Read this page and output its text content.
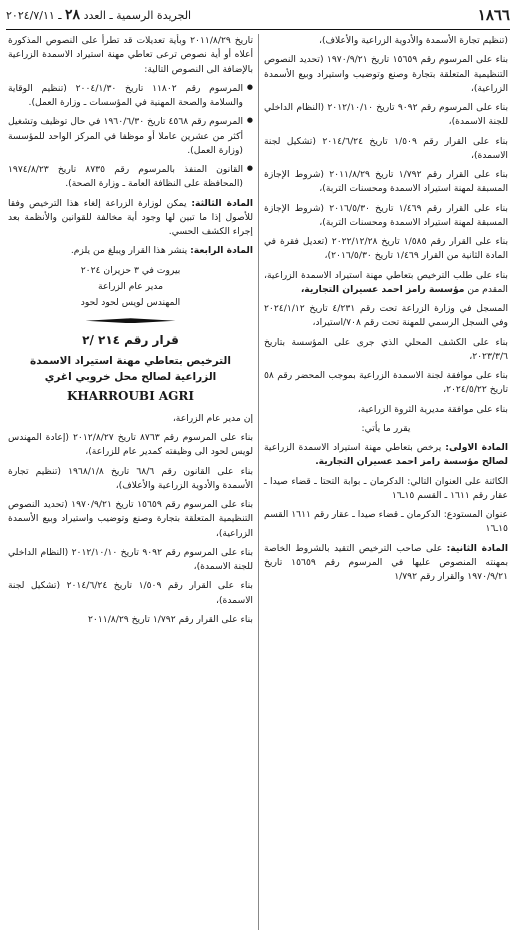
١٨٦٦
الجريدة الرسمية ـ العدد ٢٨ ـ ٢٠٢٤/٧/١١

(تنظيم تجارة الأسمدة والأدوية الزراعية والأعلاف)،

بناء على المرسوم رقم ١٥٦٥٩ تاريخ ١٩٧٠/٩/٢١ (تحديد النصوص التنظيمية المتعلقة بتجارة وصنع وتوضيب واستيراد وبيع الأسمدة الزراعية)،

بناء على المرسوم رقم ٩٠٩٢ تاريخ ٢٠١٢/١٠/١٠ (النظام الداخلي للجنة الاسمدة)،

بناء على القرار رقم ١/٥٠٩ تاريخ ٢٠١٤/٦/٢٤ (تشكيل لجنة الاسمدة)،

بناء على القرار رقم ١/٧٩٢ تاريخ ٢٠١١/٨/٢٩ (شروط الإجازة المسبقة لمهنة استيراد الاسمدة ومحسنات التربة)،

بناء على القرار رقم ١/٤٦٩ تاريخ ٢٠١٦/٥/٣٠ (شروط الإجازة المسبقة لمهنة استيراد الاسمدة ومحسنات التربة)،

بناء على القرار رقم ١/٥٨٥ تاريخ ٢٠٢٢/١٢/٢٨ (تعديل فقرة في المادة الثانية من القرار ١/٤٦٩ تاريخ ٢٠١٦/٥/٣٠)،

بناء على طلب الترخيص بتعاطي مهنة استيراد الاسمدة الزراعية، المقدم من مؤسسة رامز احمد عسيران التجارية،

المسجل في وزارة الزراعة تحت رقم ٤/٢٣١ تاريخ ٢٠٢٤/١/١٢ وفي السجل الرسمي للمهنة تحت رقم ٧٠٨/استيراد،

بناء على الكشف المحلي الذي جرى على المؤسسة بتاريخ ٢٠٢٣/٣/٦،

بناء على موافقة لجنة الاسمدة الزراعية بموجب المحضر رقم ٥٨ تاريخ ٢٠٢٤/٥/٢٢،

بناء على موافقة مديرية الثروة الزراعية،

يقرر ما يأتي:

المادة الاولى: يرخص بتعاطي مهنة استيراد الاسمدة الزراعية لصالح مؤسسة رامز احمد عسيران التجارية.

الكائنة على العنوان التالي: الدكرمان ـ بوابة التحتا ـ قضاء صيدا ـ عقار رقم ١٦١١ ـ القسم ١٥ـ١٦

عنوان المستودع: الدكرمان ـ قضاء صيدا ـ عقار رقم ١٦١١ القسم ١٥ـ١٦

المادة الثانية: على صاحب الترخيص التقيد بالشروط الخاصة بمهنته المنصوص عليها في المرسوم رقم ١٥٦٥٩ تاريخ ١٩٧٠/٩/٢١ والقرار رقم ١/٧٩٢

تاريخ ٢٠١١/٨/٢٩ وبأية تعديلات قد تطرأ على النصوص المذكورة أعلاه أو أية نصوص ترعى تعاطي مهنة استيراد الاسمدة الزراعية بالإضافة الى النصوص التالية:

● المرسوم رقم ١١٨٠٢ تاريخ ٢٠٠٤/١/٣٠ (تنظيم الوقاية والسلامة والصحة المهنية في المؤسسات ـ وزارة العمل).
● المرسوم رقم ٤٥٦٨ تاريخ ١٩٦٠/٦/٣٠ في حال توظيف وتشغيل أكثر من عشرين عاملا أو موظفا في المركز الواحد للمؤسسة (وزارة العمل).
● القانون المنفذ بالمرسوم رقم ٨٧٣٥ تاريخ ١٩٧٤/٨/٢٣ (المحافظة على النظافة العامة ـ وزارة الصحة).

المادة الثالثة: يمكن لوزارة الزراعة إلغاء هذا الترخيص وفقا للأصول إذا ما تبين لها وجود أية مخالفة للقوانين والأنظمة بعد إجراء الكشف الحسي.

المادة الرابعة: ينشر هذا القرار ويبلغ من يلزم.

بيروت في ٣ حزيران ٢٠٢٤
مدير عام الزراعة
المهندس لويس لحود لحود
قرار رقم ٢١٤ /٢
الترخيص بتعاطي مهنة استيراد الاسمدة الزراعية لصالح محل خروبي اغري
KHARROUBI AGRI

إن مدير عام الزراعة،

بناء على المرسوم رقم ٨٧٦٣ تاريخ ٢٠١٢/٨/٢٧ (إعادة المهندس لويس لحود الى وظيفته كمدير عام للزراعة)،

بناء على القانون رقم ٦٨/٦ تاريخ ١٩٦٨/١/٨ (تنظيم تجارة الأسمدة والأدوية الزراعية والأعلاف)،

بناء على المرسوم رقم ١٥٦٥٩ تاريخ ١٩٧٠/٩/٢١ (تحديد النصوص التنظيمية المتعلقة بتجارة وصنع وتوضيب واستيراد وبيع الأسمدة الزراعية)،

بناء على المرسوم رقم ٩٠٩٢ تاريخ ٢٠١٢/١٠/١٠ (النظام الداخلي للجنة الاسمدة)،

بناء على القرار رقم ١/٥٠٩ تاريخ ٢٠١٤/٦/٢٤ (تشكيل لجنة الاسمدة)،

بناء على القرار رقم ١/٧٩٢ تاريخ ٢٠١١/٨/٢٩
